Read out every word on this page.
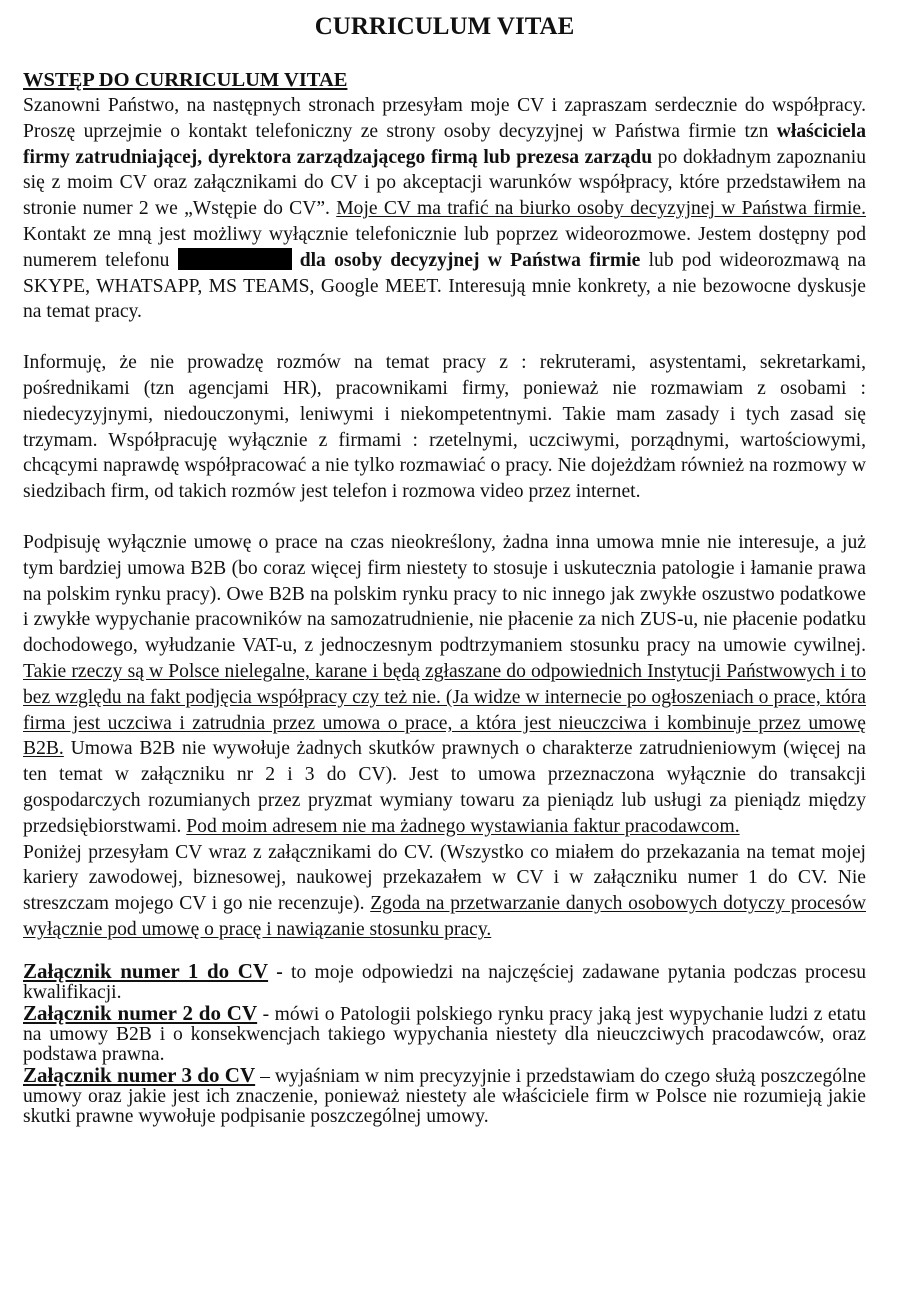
CURRICULUM VITAE
WSTĘP DO CURRICULUM VITAE

Szanowni Państwo, na następnych stronach przesyłam moje CV i zapraszam serdecznie do współpracy. Proszę uprzejmie o kontakt telefoniczny ze strony osoby decyzyjnej w Państwa firmie tzn właściciela firmy zatrudniającej, dyrektora zarządzającego firmą lub prezesa zarządu po dokładnym zapoznaniu się z moim CV oraz załącznikami do CV i po akceptacji warunków współpracy, które przedstawiłem na stronie numer 2 we „Wstępie do CV”. Moje CV ma trafić na biurko osoby decyzyjnej w Państwa firmie. Kontakt ze mną jest możliwy wyłącznie telefonicznie lub poprzez wideorozmowe. Jestem dostępny pod numerem telefonu	dla osoby decyzyjnej w Państwa firmie lub pod wideorozmawą na SKYPE, WHATSAPP, MS TEAMS, Google MEET. Interesują mnie konkrety, a nie bezowocne dyskusje na temat pracy.

Informuję, że nie prowadzę rozmów na temat pracy z : rekruterami, asystentami, sekretarkami, pośrednikami (tzn agencjami HR), pracownikami firmy, ponieważ nie rozmawiam z osobami : niedecyzyjnymi, niedouczonymi, leniwymi i niekompetentnymi. Takie mam zasady i tych zasad się trzymam. Współpracuję wyłącznie z firmami : rzetelnymi, uczciwymi, porządnymi, wartościowymi, chcącymi naprawdę współpracować a nie tylko rozmawiać o pracy. Nie dojeżdżam również na rozmowy w siedzibach firm, od takich rozmów jest telefon i rozmowa video przez internet.

Podpisuję wyłącznie umowę o prace na czas nieokreślony, żadna inna umowa mnie nie interesuje, a już tym bardziej umowa B2B (bo coraz więcej firm niestety to stosuje i uskutecznia patologie i łamanie prawa na polskim rynku pracy). Owe B2B na polskim rynku pracy to nic innego jak zwykłe oszustwo podatkowe i zwykłe wypychanie pracowników na samozatrudnienie, nie płacenie za nich ZUS-u, nie płacenie podatku dochodowego, wyłudzanie VAT-u, z jednoczesnym podtrzymaniem stosunku pracy na umowie cywilnej. Takie rzeczy są w Polsce nielegalne, karane i będą zgłaszane do odpowiednich Instytucji Państwowych i to bez względu na fakt podjęcia współpracy czy też nie. (Ja widze w internecie po ogłoszeniach o prace, która firma jest uczciwa i zatrudnia przez umowa o prace, a która jest nieuczciwa i kombinuje przez umowę B2B. Umowa B2B nie wywołuje żadnych skutków prawnych o charakterze zatrudnieniowym (więcej na ten temat w załączniku nr 2 i 3 do CV). Jest to umowa przeznaczona wyłącznie do transakcji gospodarczych rozumianych przez pryzmat wymiany towaru za pieniądz lub usługi za pieniądz między przedsiębiorstwami. Pod moim adresem nie ma żadnego wystawiania faktur pracodawcom.

Poniżej przesyłam CV wraz z załącznikami do CV. (Wszystko co miałem do przekazania na temat mojej kariery zawodowej, biznesowej, naukowej przekazałem w CV i w załączniku numer 1 do CV. Nie streszczam mojego CV i go nie recenzuje). Zgoda na przetwarzanie danych osobowych dotyczy procesów wyłącznie pod umowę o pracę i nawiązanie stosunku pracy.

Załącznik numer 1 do CV - to moje odpowiedzi na najczęściej zadawane pytania podczas procesu kwalifikacji.

Załącznik numer 2 do CV - mówi o Patologii polskiego rynku pracy jaką jest wypychanie ludzi z etatu na umowy B2B i o konsekwencjach takiego wypychania niestety dla nieuczciwych pracodawców, oraz podstawa prawna.

Załącznik numer 3 do CV – wyjaśniam w nim precyzyjnie i przedstawiam do czego służą poszczególne umowy oraz jakie jest ich znaczenie, ponieważ niestety ale właściciele firm w Polsce nie rozumieją jakie skutki prawne wywołuje podpisanie poszczególnej umowy.
